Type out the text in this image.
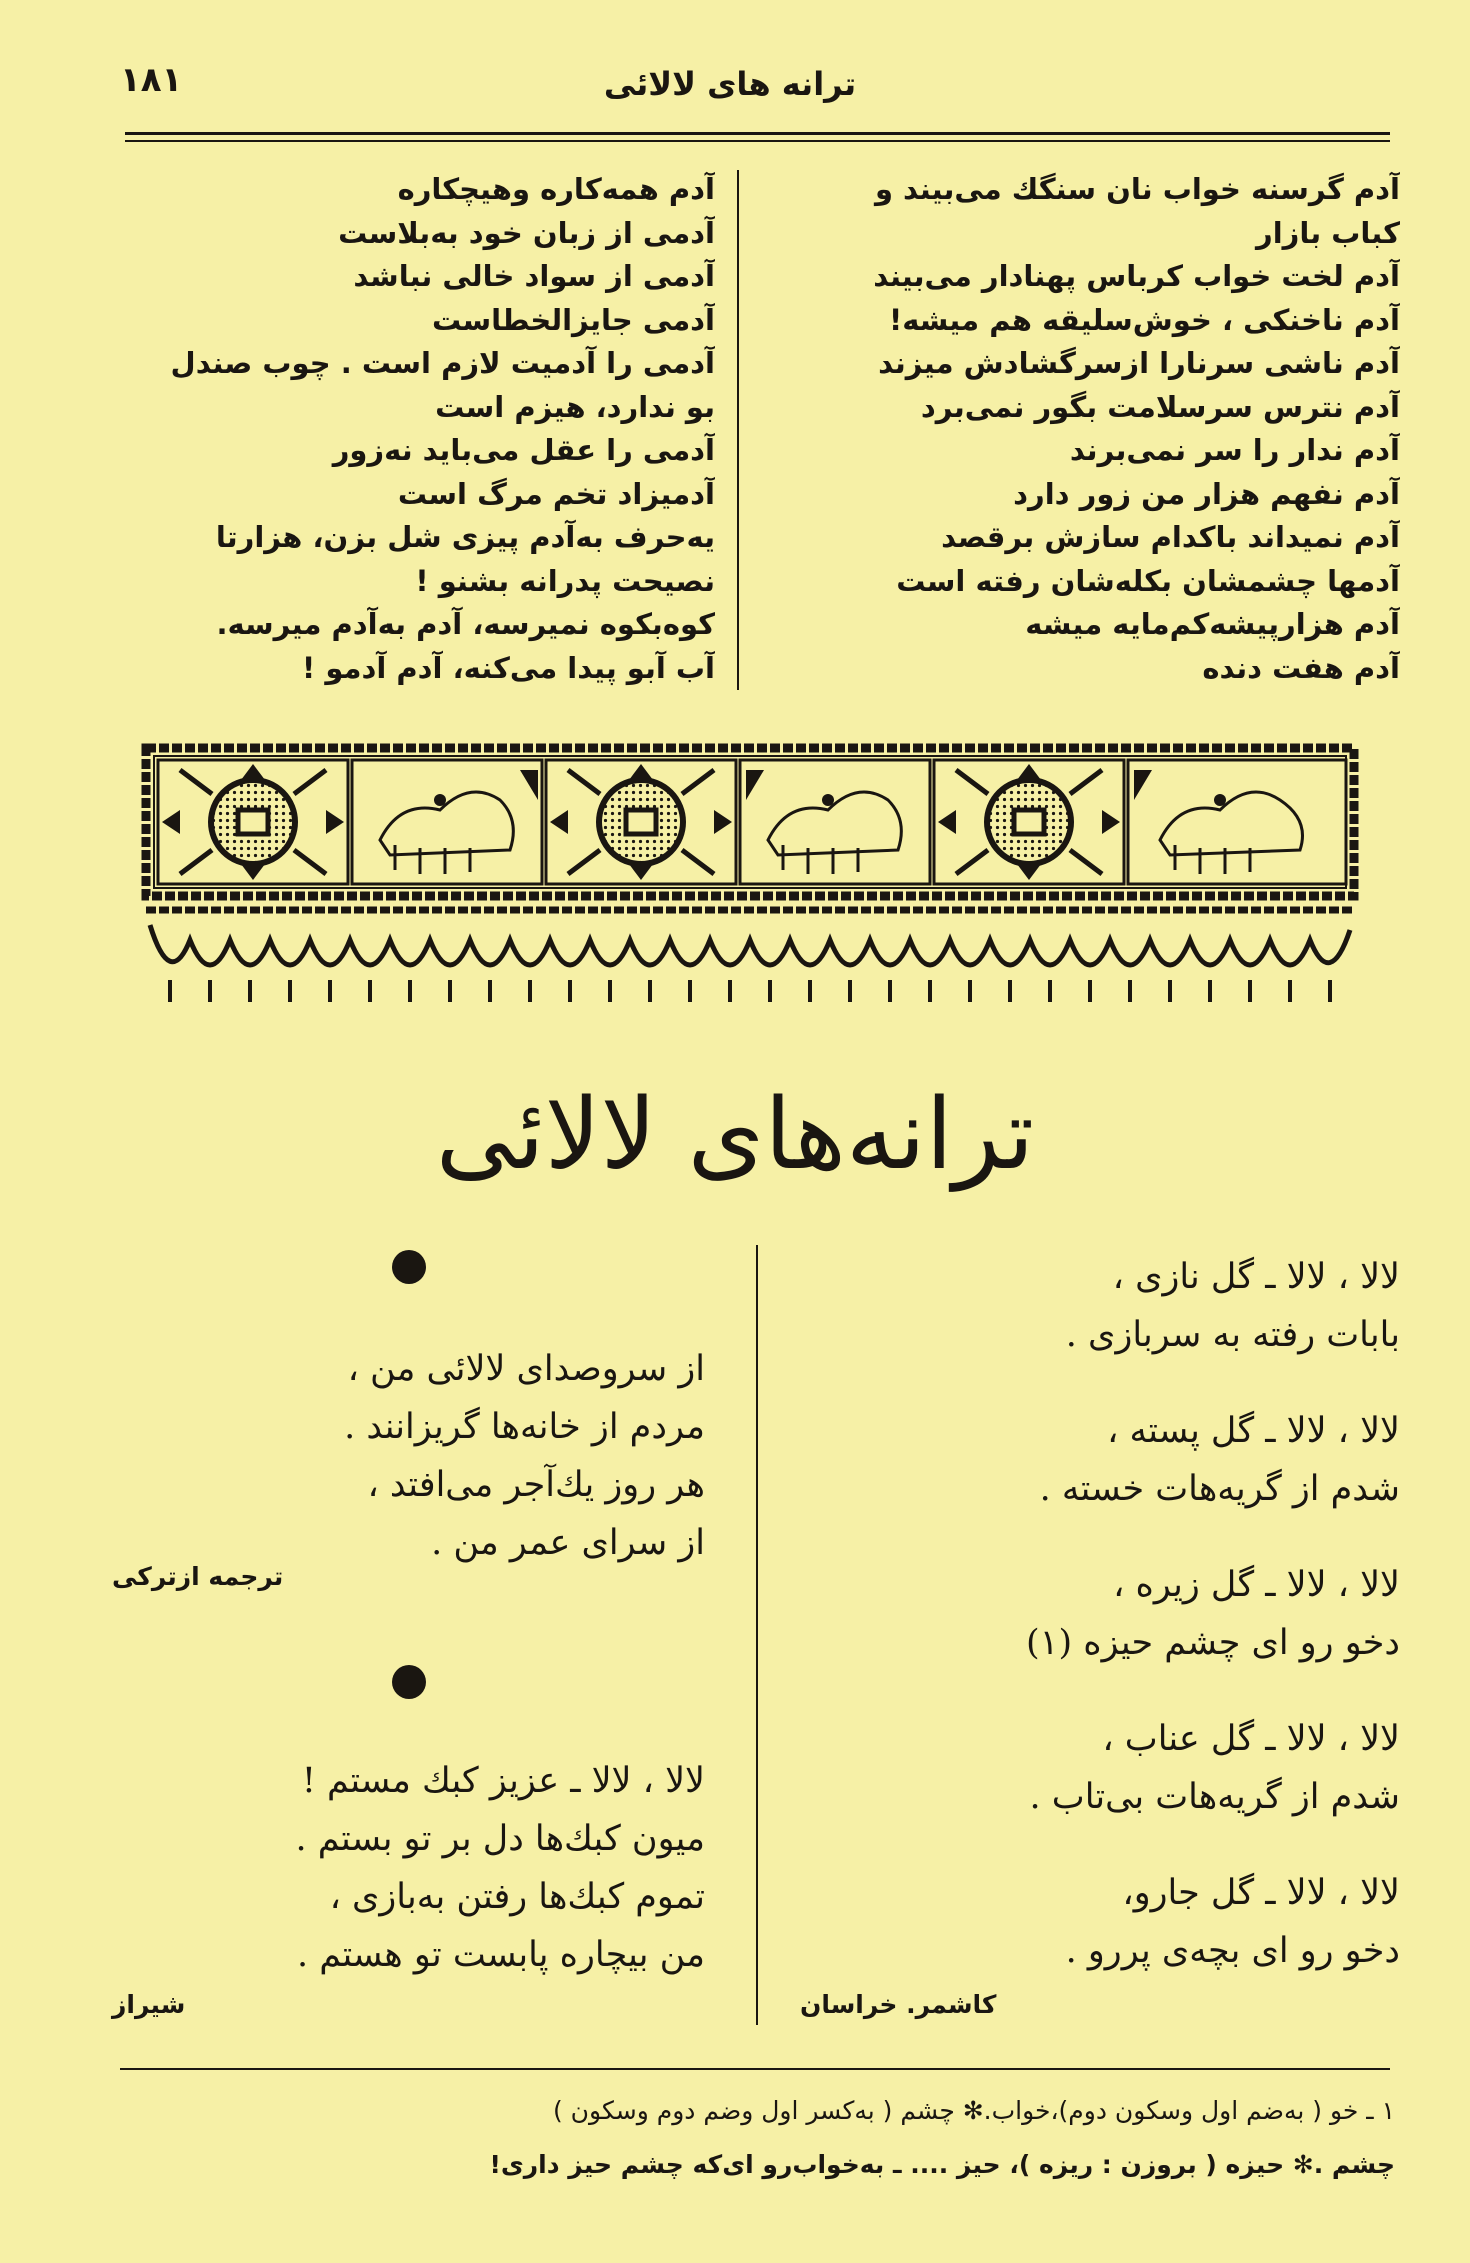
۱۸۱	ترانه های لالائی
آدم گرسنه خواب نان سنگك می‌بیند و
کباب بازار
آدم لخت خواب کرباس پهنادار می‌بیند
آدم ناخنکی ، خوش‌سلیقه هم میشه!
آدم ناشی سرنارا ازسرگشادش میزند
آدم نترس سرسلامت بگور نمی‌برد
آدم ندار را سر نمی‌برند
آدم نفهم هزار من زور دارد
آدم نمیداند باکدام سازش برقصد
آدمها چشمشان بکله‌شان رفته است
آدم هزارپیشه‌کم‌مایه میشه
آدم هفت دنده
آدم همه‌کاره وهیچکاره
آدمی از زبان خود به‌بلاست
آدمی از سواد خالی نباشد
آدمی جایزالخطاست
آدمی را آدمیت لازم است . چوب صندل
بو ندارد، هیزم است
آدمی را عقل می‌باید نه‌زور
آدمیزاد تخم مرگ است
یه‌حرف به‌آدم پیزی شل بزن، هزارتا
نصیحت پدرانه بشنو !
کوه‌بکوه نمیرسه، آدم به‌آدم میرسه.
آب آبو پیدا می‌کنه، آدم آدمو !
ترانه‌های لالائی
لالا ، لالا ـ گل نازی ،
بابات رفته به سربازی .
لالا ، لالا ـ گل پسته ،
شدم از گریه‌هات خسته .
لالا ، لالا ـ گل زیره ،
دخو رو ای چشم حیزه (۱)
لالا ، لالا ـ گل عناب ،
شدم از گریه‌هات بی‌تاب .
لالا ، لالا ـ گل جارو،
دخو رو ای بچه‌ی پررو .
کاشمر. خراسان
از سروصدای لالائی من ،
مردم از خانه‌ها گریزانند .
هر روز یك‌آجر می‌افتد ،
از سرای عمر من .
ترجمه ازترکی
لالا ، لالا ـ عزیز کبك مستم !
میون کبك‌ها دل بر تو بستم .
تموم کبك‌ها رفتن به‌بازی ،
من بیچاره پابست تو هستم .
شیراز
۱ ـ خو ( به‌ضم اول وسکون دوم)،خواب.✻ چشم ( به‌کسر اول وضم دوم وسکون )
چشم .✻ حیزه ( بروزن : ریزه )، حیز .... ـ به‌خواب‌رو ای‌که چشم حیز داری!
